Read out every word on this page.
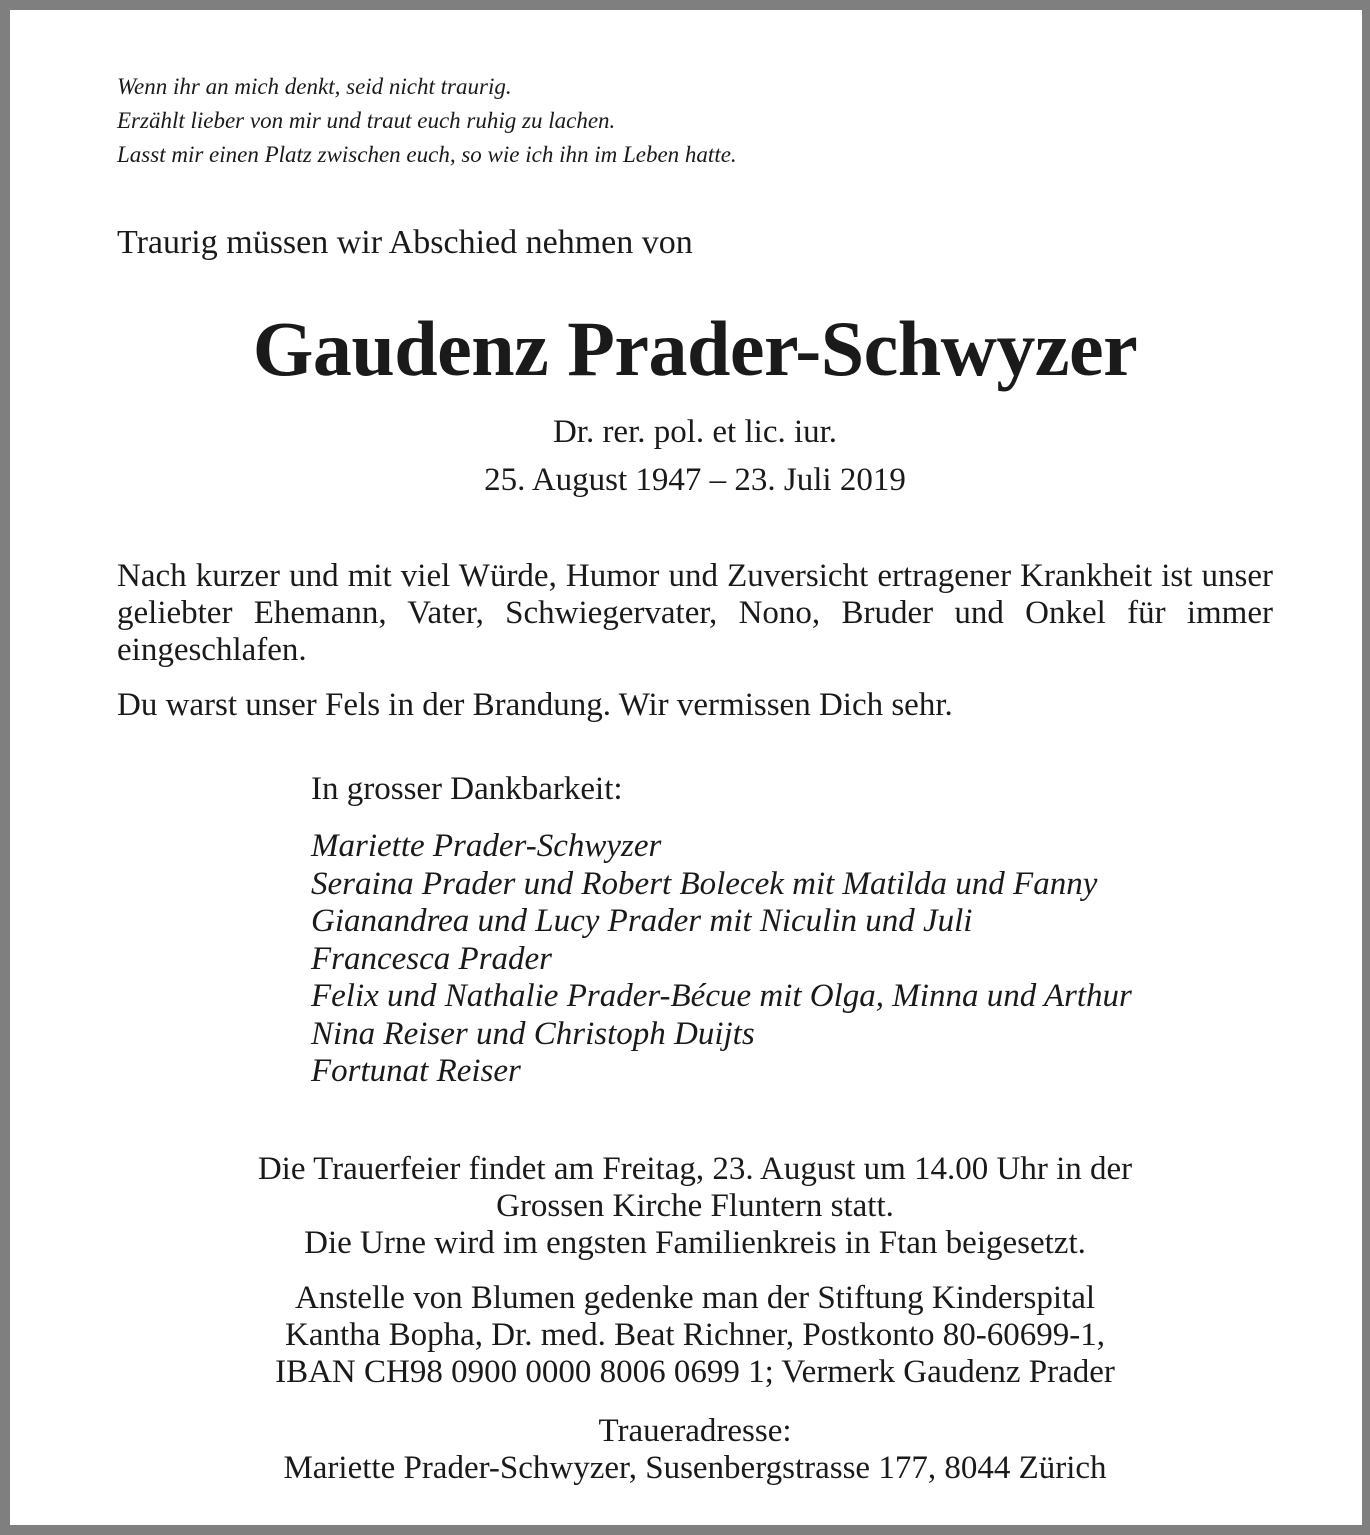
Wenn ihr an mich denkt, seid nicht traurig.
Erzählt lieber von mir und traut euch ruhig zu lachen.
Lasst mir einen Platz zwischen euch, so wie ich ihn im Leben hatte.
Traurig müssen wir Abschied nehmen von
Gaudenz Prader-Schwyzer
Dr. rer. pol. et lic. iur.
25. August 1947 – 23. Juli 2019
Nach kurzer und mit viel Würde, Humor und Zuversicht ertragener Krankheit ist unser geliebter Ehemann, Vater, Schwiegervater, Nono, Bruder und Onkel für immer eingeschlafen.
Du warst unser Fels in der Brandung. Wir vermissen Dich sehr.
In grosser Dankbarkeit:
Mariette Prader-Schwyzer
Seraina Prader und Robert Bolecek mit Matilda und Fanny
Gianandrea und Lucy Prader mit Niculin und Juli
Francesca Prader
Felix und Nathalie Prader-Bécue mit Olga, Minna und Arthur
Nina Reiser und Christoph Duijts
Fortunat Reiser
Die Trauerfeier findet am Freitag, 23. August um 14.00 Uhr in der
Grossen Kirche Fluntern statt.
Die Urne wird im engsten Familienkreis in Ftan beigesetzt.
Anstelle von Blumen gedenke man der Stiftung Kinderspital
Kantha Bopha, Dr. med. Beat Richner, Postkonto 80-60699-1,
IBAN CH98 0900 0000 8006 0699 1; Vermerk Gaudenz Prader
Traueradresse:
Mariette Prader-Schwyzer, Susenbergstrasse 177, 8044 Zürich
